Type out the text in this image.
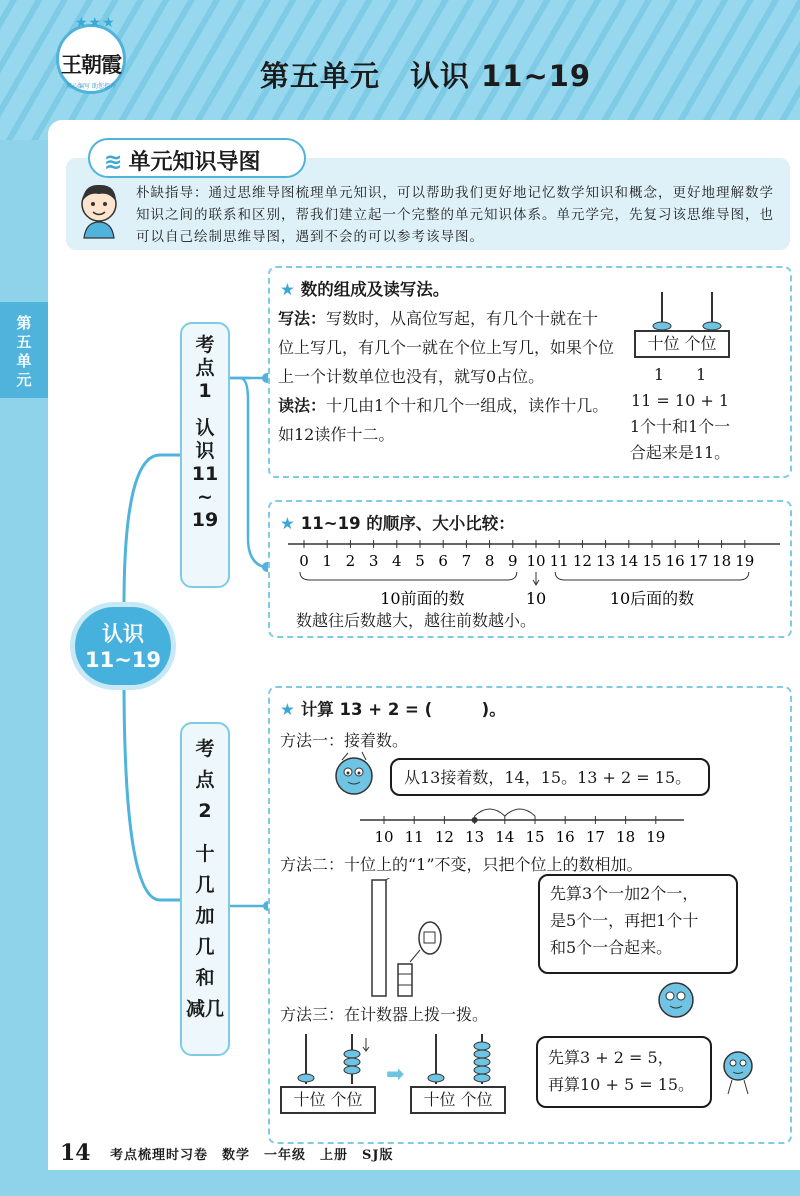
★★★
王朝霞
用心编写 助您提升	第五单元　认识 11~19
第
五
单
元
朴缺指导：通过思维导图梳理单元知识，可以帮助我们更好地记忆数学知识和概念，更好地理解数学知识之间的联系和区别，帮我们建立起一个完整的单元知识体系。单元学完，先复习该思维导图，也可以自己绘制思维导图，遇到不会的可以参考该导图。
≋ 单元知识导图
认识
11~19
考
点
1
认
识
11
~
19
考
点
2
十
几
加
几
和
减几
★ 数的组成及读写法。
写法：写数时，从高位写起，有几个十就在十位上写几，有几个一就在个位上写几，如果个位上一个计数单位也没有，就写0占位。
读法：十几由1个十和几个一组成，读作十几。如12读作十二。
十位 个位
1　　1
11 = 10 + 1
1个十和1个一
合起来是11。
★ 11~19 的顺序、大小比较：
0 1 2 3 4 5 6 7 8 9 10 11 12 13 14 15 16 17 18 19
10前面的数	10	10后面的数
数越往后数越大，越往前数越小。
★ 计算 13 + 2 = (　　　)。
方法一：接着数。
从13接着数，14，15。13 + 2 = 15。
10 11 12 13 14 15 16 17 18 19
方法二：十位上的“1”不变，只把个位上的数相加。
先算3个一加2个一，
是5个一，再把1个十
和5个一合起来。
方法三：在计数器上拨一拨。
十位 个位
➡
十位 个位
先算3 + 2 = 5，
再算10 + 5 = 15。
14 考点梳理时习卷　数学　一年级　上册　SJ版
